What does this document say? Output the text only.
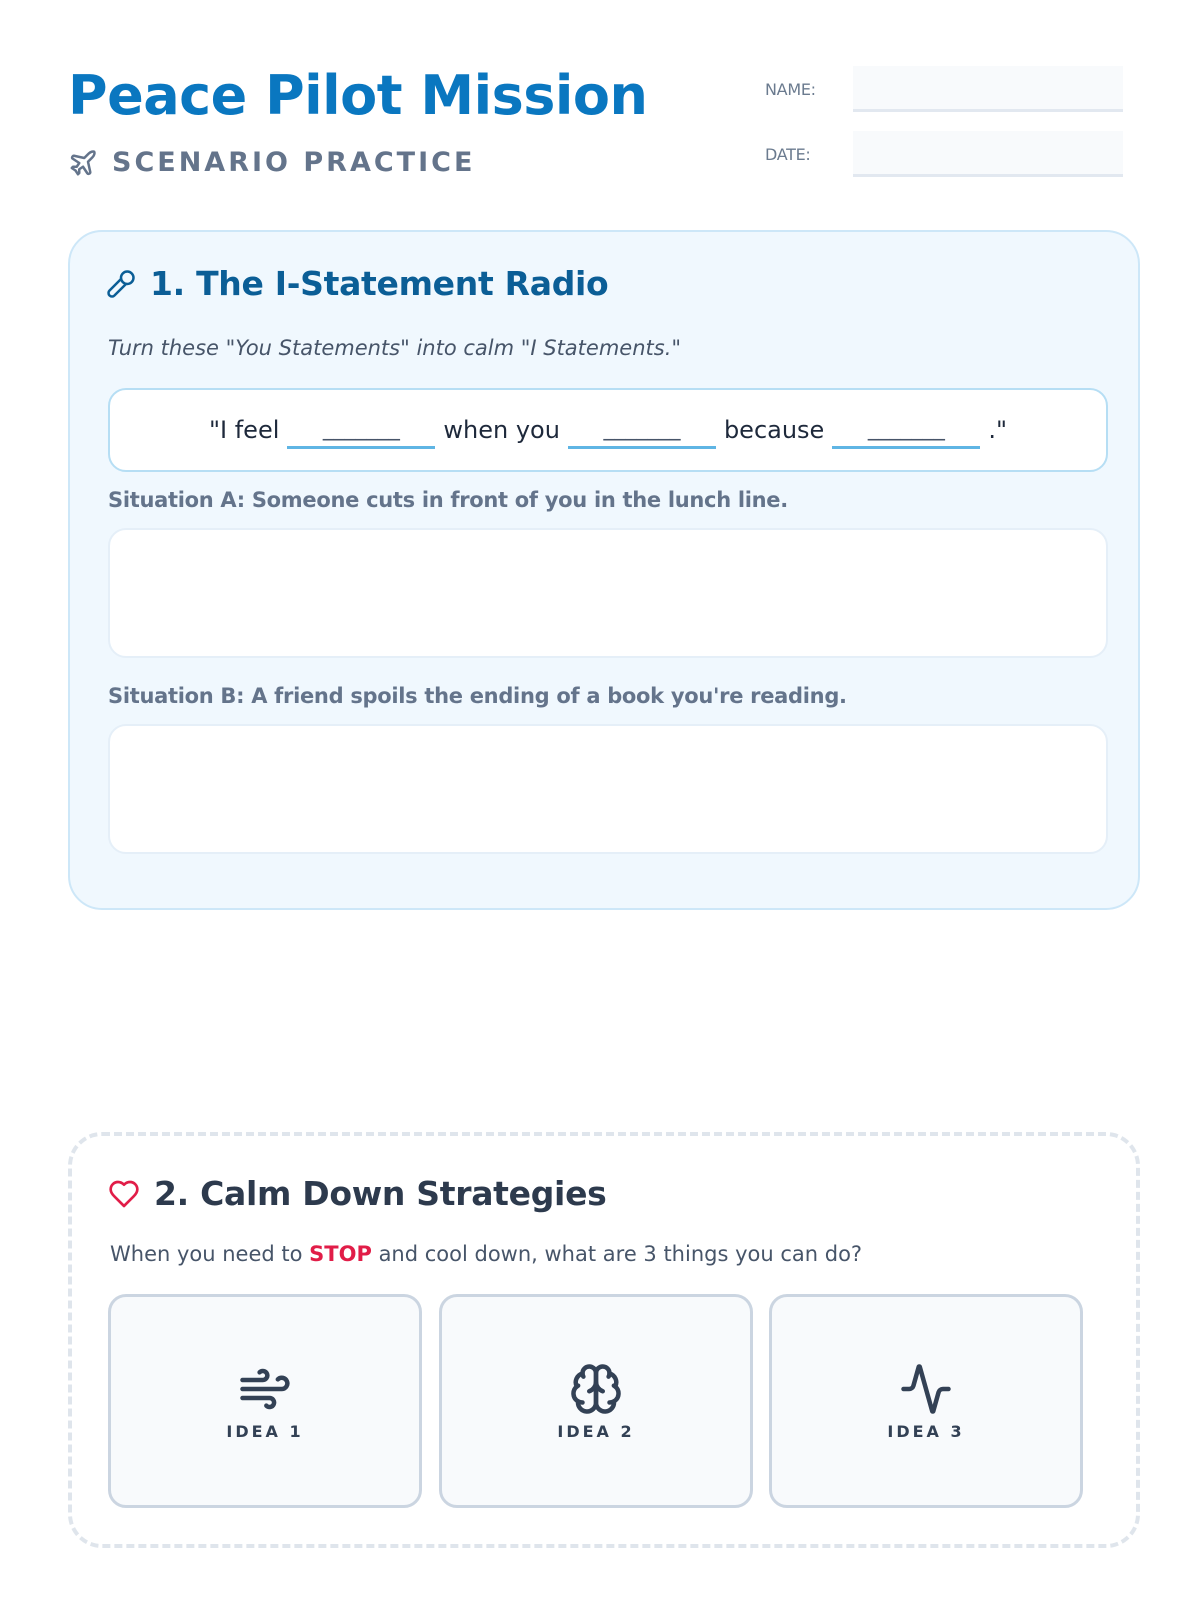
Peace Pilot Mission
SCENARIO PRACTICE
NAME:
DATE:
1. The I-Statement Radio
Turn these "You Statements" into calm "I Statements."
"I feel	_______	when you	_______	because	_______	."
Situation A: Someone cuts in front of you in the lunch line.
Situation B: A friend spoils the ending of a book you're reading.
2. Calm Down Strategies
When you need to STOP and cool down, what are 3 things you can do?
IDEA 1	IDEA 2	IDEA 3
